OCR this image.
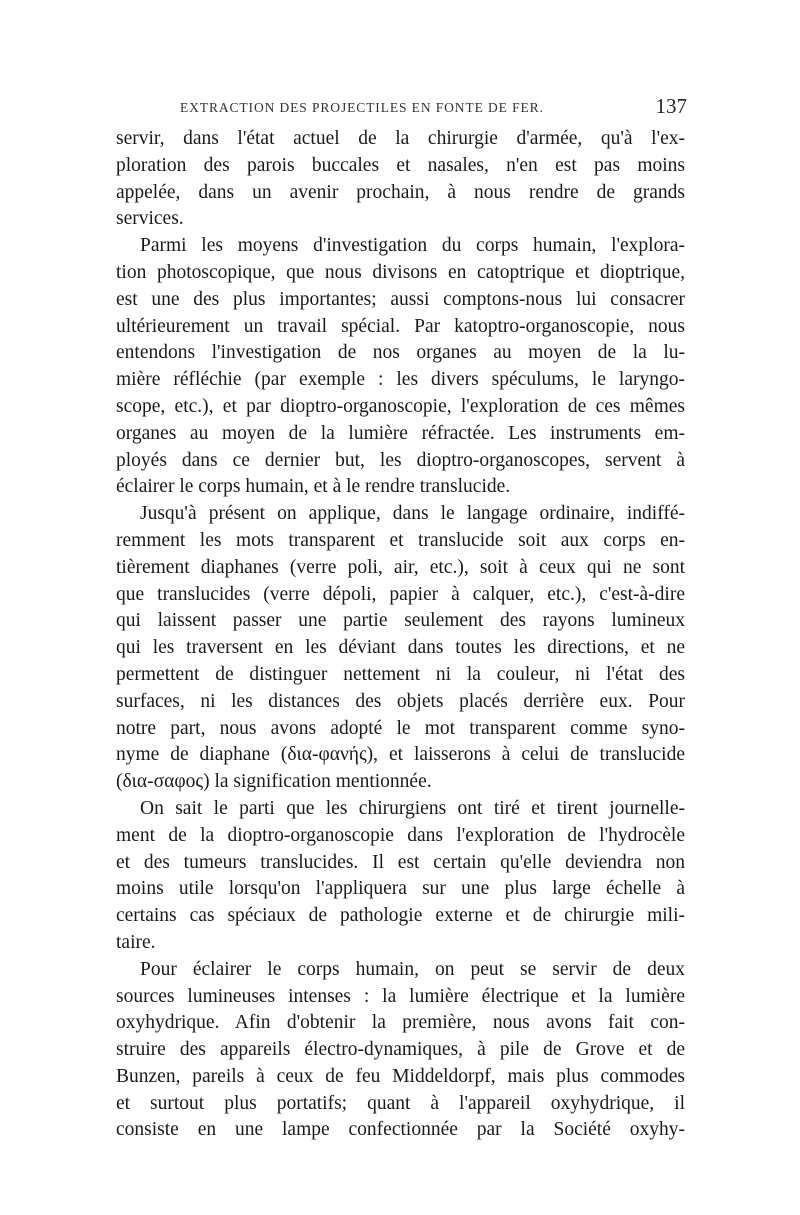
EXTRACTION DES PROJECTILES EN FONTE DE FER.	137
servir, dans l'état actuel de la chirurgie d'armée, qu'à l'ex-
ploration des parois buccales et nasales, n'en est pas moins
appelée, dans un avenir prochain, à nous rendre de grands
services.
Parmi les moyens d'investigation du corps humain, l'explora-
tion photoscopique, que nous divisons en catoptrique et dioptrique,
est une des plus importantes; aussi comptons-nous lui consacrer
ultérieurement un travail spécial. Par katoptro-organoscopie, nous
entendons l'investigation de nos organes au moyen de la lu-
mière réfléchie (par exemple : les divers spéculums, le laryngo-
scope, etc.), et par dioptro-organoscopie, l'exploration de ces mêmes
organes au moyen de la lumière réfractée. Les instruments em-
ployés dans ce dernier but, les dioptro-organoscopes, servent à
éclairer le corps humain, et à le rendre translucide.
Jusqu'à présent on applique, dans le langage ordinaire, indiffé-
remment les mots transparent et translucide soit aux corps en-
tièrement diaphanes (verre poli, air, etc.), soit à ceux qui ne sont
que translucides (verre dépoli, papier à calquer, etc.), c'est-à-dire
qui laissent passer une partie seulement des rayons lumineux
qui les traversent en les déviant dans toutes les directions, et ne
permettent de distinguer nettement ni la couleur, ni l'état des
surfaces, ni les distances des objets placés derrière eux. Pour
notre part, nous avons adopté le mot transparent comme syno-
nyme de diaphane (δια-φανής), et laisserons à celui de translucide
(δια-σαφος) la signification mentionnée.
On sait le parti que les chirurgiens ont tiré et tirent journelle-
ment de la dioptro-organoscopie dans l'exploration de l'hydrocèle
et des tumeurs translucides. Il est certain qu'elle deviendra non
moins utile lorsqu'on l'appliquera sur une plus large échelle à
certains cas spéciaux de pathologie externe et de chirurgie mili-
taire.
Pour éclairer le corps humain, on peut se servir de deux
sources lumineuses intenses : la lumière électrique et la lumière
oxyhydrique. Afin d'obtenir la première, nous avons fait con-
struire des appareils électro-dynamiques, à pile de Grove et de
Bunzen, pareils à ceux de feu Middeldorpf, mais plus commodes
et surtout plus portatifs; quant à l'appareil oxyhydrique, il
consiste en une lampe confectionnée par la Société oxyhy-
